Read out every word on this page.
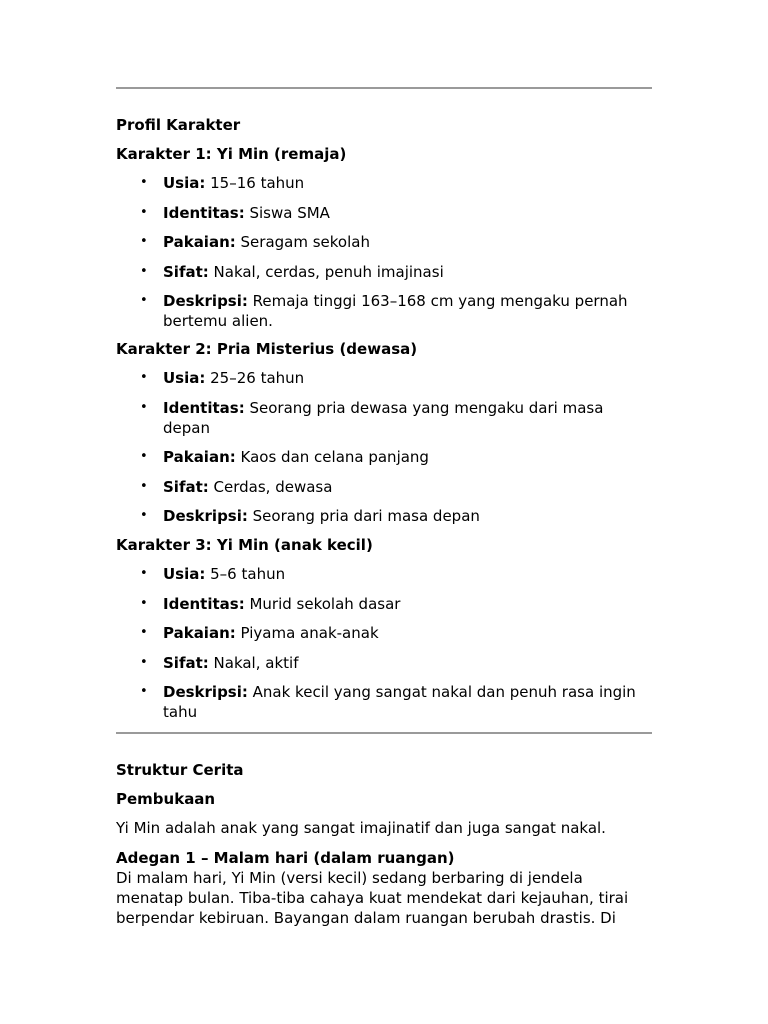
Profil Karakter
Karakter 1: Yi Min (remaja)
• Usia: 15–16 tahun
• Identitas: Siswa SMA
• Pakaian: Seragam sekolah
• Sifat: Nakal, cerdas, penuh imajinasi
• Deskripsi: Remaja tinggi 163–168 cm yang mengaku pernah bertemu alien.
Karakter 2: Pria Misterius (dewasa)
• Usia: 25–26 tahun
• Identitas: Seorang pria dewasa yang mengaku dari masa depan
• Pakaian: Kaos dan celana panjang
• Sifat: Cerdas, dewasa
• Deskripsi: Seorang pria dari masa depan
Karakter 3: Yi Min (anak kecil)
• Usia: 5–6 tahun
• Identitas: Murid sekolah dasar
• Pakaian: Piyama anak-anak
• Sifat: Nakal, aktif
• Deskripsi: Anak kecil yang sangat nakal dan penuh rasa ingin tahu
Struktur Cerita
Pembukaan
Yi Min adalah anak yang sangat imajinatif dan juga sangat nakal.
Adegan 1 – Malam hari (dalam ruangan)
Di malam hari, Yi Min (versi kecil) sedang berbaring di jendela menatap bulan. Tiba-tiba cahaya kuat mendekat dari kejauhan, tirai berpendar kebiruan. Bayangan dalam ruangan berubah drastis. Di
